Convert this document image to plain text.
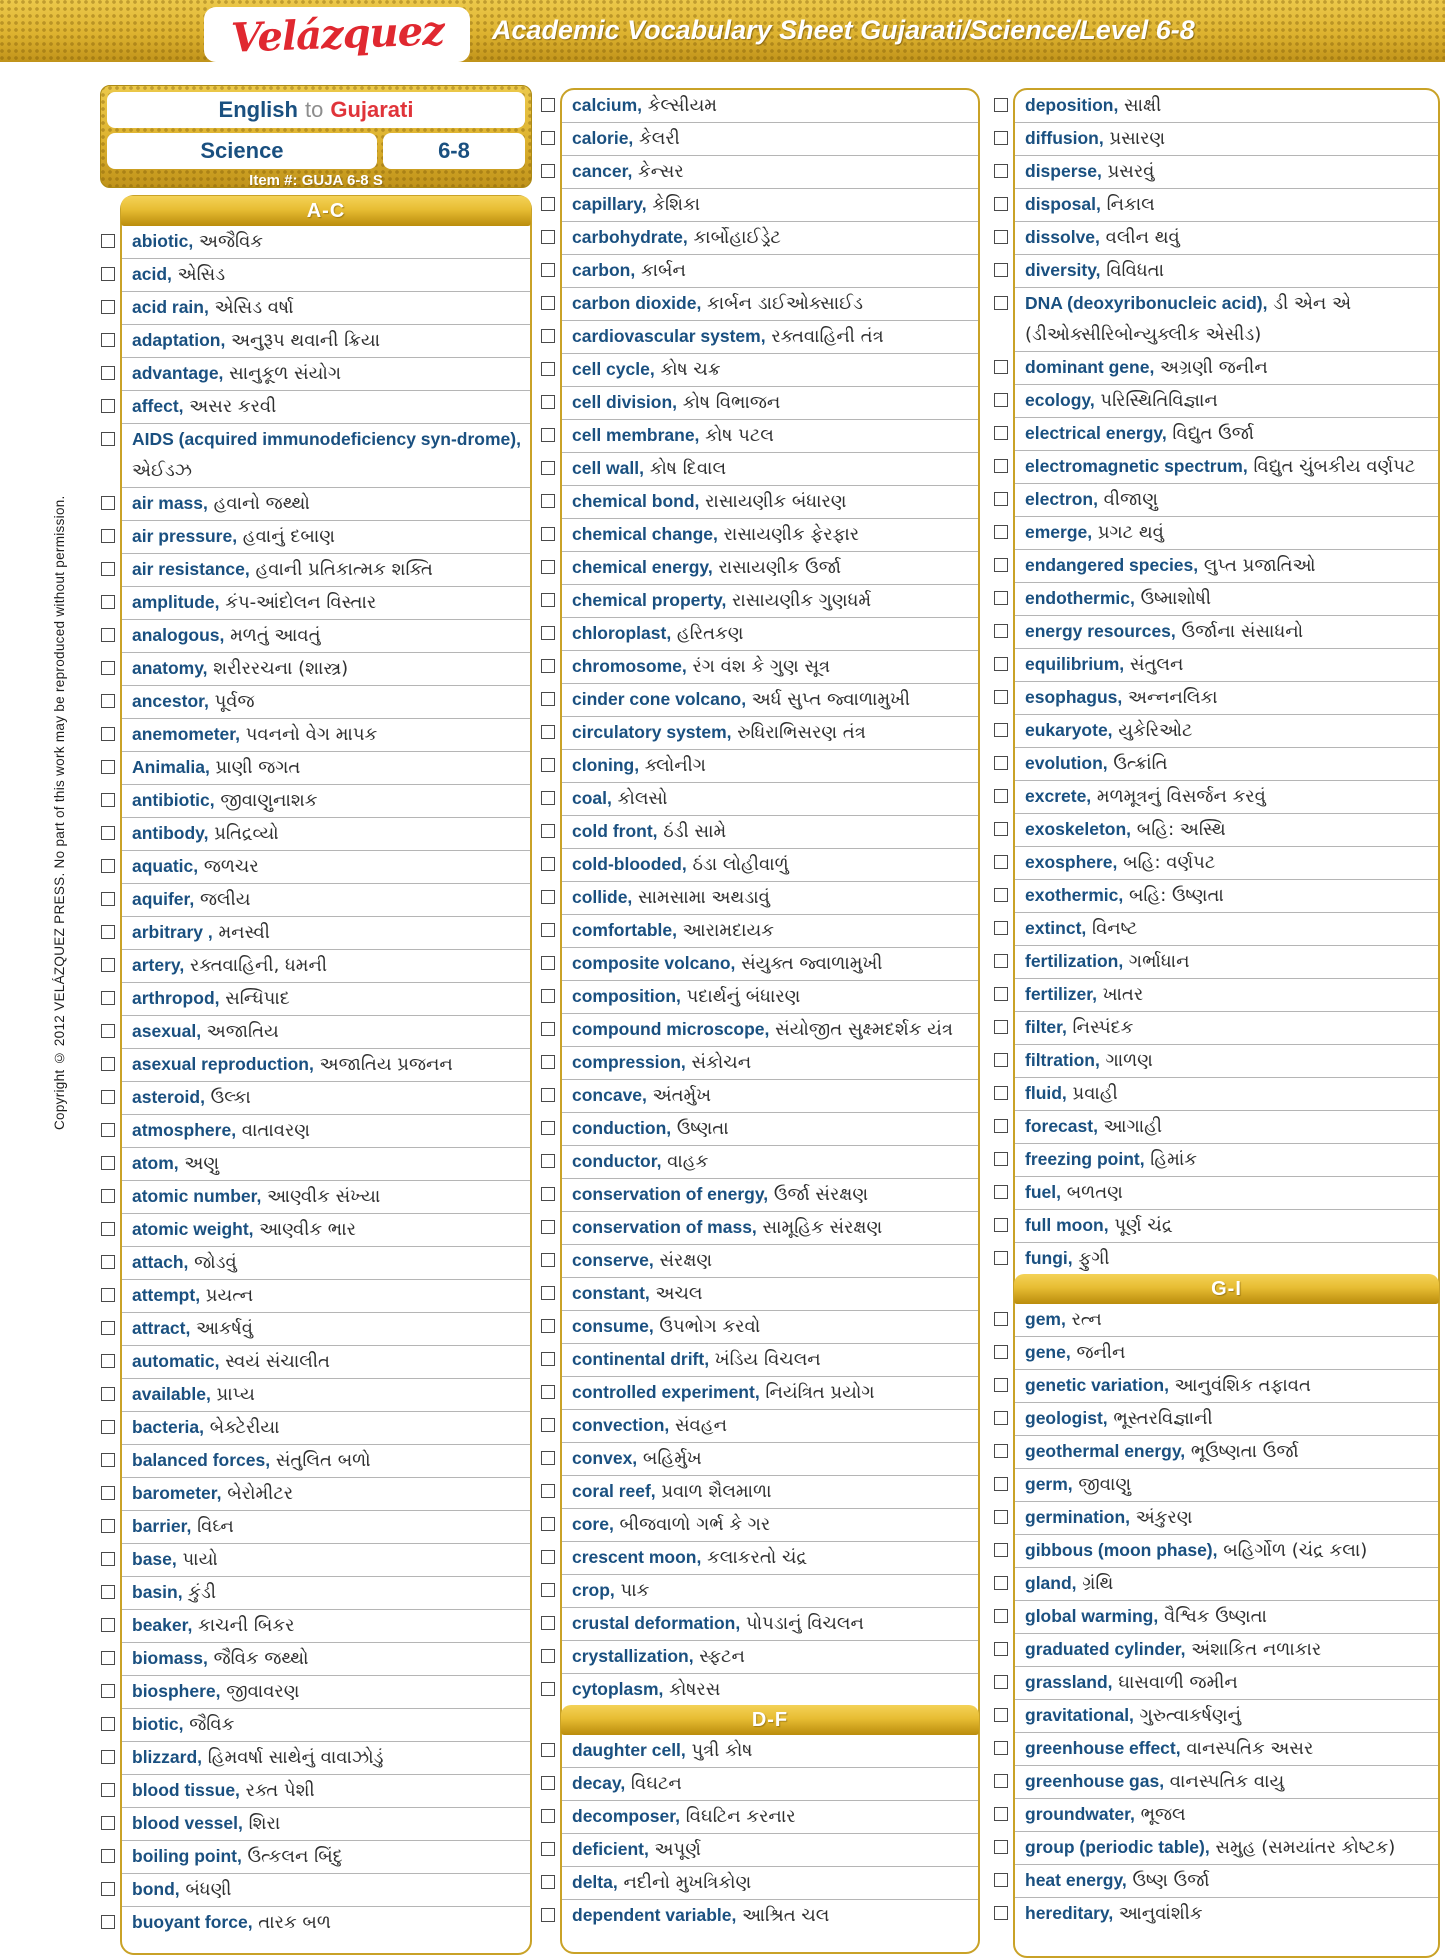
Velázquez Academic Vocabulary Sheet Gujarati/Science/Level 6-8
Copyright © 2012 VELÁZQUEZ PRESS. No part of this work may be reproduced without permission.
English to Gujarati
Science	6-8
Item #: GUJA 6-8 S
A-C
abiotic, અજૈવિક
acid, એસિડ
acid rain, એસિડ વર્ષા
adaptation, અનુરૂપ થવાની ક્રિયા
advantage, સાનુકૂળ સંયોગ
affect, અસર કરવી
AIDS (acquired immunodeficiency syn-drome), એઈડઝ
air mass, હવાનો જથ્થો
air pressure, હવાનું દબાણ
air resistance, હવાની પ્રતિકાત્મક શક્તિ
amplitude, કંપ-આંદોલન વિસ્તાર
analogous, મળતું આવતું
anatomy, શરીરરચના (શાસ્ત્ર)
ancestor, પૂર્વજ
anemometer, પવનનો વેગ માપક
Animalia, પ્રાણી જગત
antibiotic, જીવાણુનાશક
antibody, પ્રતિદ્રવ્યો
aquatic, જળચર
aquifer, જલીય
arbitrary , મનસ્વી
artery, રક્તવાહિની, ધમની
arthropod, સન્ધિપાદ
asexual, અજાતિય
asexual reproduction, અજાતિય પ્રજનન
asteroid, ઉલ્કા
atmosphere, વાતાવરણ
atom, અણુ
atomic number, આણ્વીક સંખ્યા
atomic weight, આણ્વીક ભાર
attach, જોડવું
attempt, પ્રયત્ન
attract, આકર્ષવું
automatic, સ્વયં સંચાલીત
available, પ્રાપ્ય
bacteria, બેક્ટેરીયા
balanced forces, સંતુલિત બળો
barometer, બેરોમીટર
barrier, વિઘ્ન
base, પાયો
basin, કુંડી
beaker, કાચની બિકર
biomass, જૈવિક જથ્થો
biosphere, જીવાવરણ
biotic, જૈવિક
blizzard, હિમવર્ષા સાથેનું વાવાઝોડું
blood tissue, રક્ત પેશી
blood vessel, શિરા
boiling point, ઉત્કલન બિંદુ
bond, બંધણી
buoyant force, તારક બળ
calcium, કેલ્સીયમ
calorie, કેલરી
cancer, કેન્સર
capillary, કેશિકા
carbohydrate, કાર્બોહાઈડ્રેટ
carbon, કાર્બન
carbon dioxide, કાર્બન ડાઈઓક્સાઈડ
cardiovascular system, રક્તવાહિની તંત્ર
cell cycle, કોષ ચક્ર
cell division, કોષ વિભાજન
cell membrane, કોષ પટલ
cell wall, કોષ દિવાલ
chemical bond, રાસાયણીક બંધારણ
chemical change, રાસાયણીક ફેરફાર
chemical energy, રાસાયણીક ઉર્જા
chemical property, રાસાયણીક ગુણધર્મ
chloroplast, હરિતકણ
chromosome, રંગ વંશ કે ગુણ સૂત્ર
cinder cone volcano, અર્ધ સુપ્ત જ્વાળામુખી
circulatory system, રુધિરાભિસરણ તંત્ર
cloning, ક્લોનીગ
coal, કોલસો
cold front, ઠંડી સામે
cold-blooded, ઠંડા લોહીવાળું
collide, સામસામા અથડાવું
comfortable, આરામદાયક
composite volcano, સંયુક્ત જ્વાળામુખી
composition, પદાર્થનું બંધારણ
compound microscope, સંયોજીત સુક્ષ્મદર્શક યંત્ર
compression, સંકોચન
concave, અંતર્મુખ
conduction, ઉષ્ણતા
conductor, વાહક
conservation of energy, ઉર્જા સંરક્ષણ
conservation of mass, સામૂહિક સંરક્ષણ
conserve, સંરક્ષણ
constant, અચલ
consume, ઉપભોગ કરવો
continental drift, ખંડિય વિચલન
controlled experiment, નિયંત્રિત પ્રયોગ
convection, સંવહન
convex, બહિર્મુખ
coral reef, પ્રવાળ શૈલમાળા
core, બીજવાળો ગર્ભ કે ગર
crescent moon, કલાકરતો ચંદ્ર
crop, પાક
crustal deformation, પોપડાનું વિચલન
crystallization, સ્ફટન
cytoplasm, કોષરસ
D-F
daughter cell, પુત્રી કોષ
decay, વિઘટન
decomposer, વિઘટિન કરનાર
deficient, અપૂર્ણ
delta, નદીનો મુખત્રિકોણ
dependent variable, આશ્રિત ચલ
deposition, સાક્ષી
diffusion, પ્રસારણ
disperse, પ્રસરવું
disposal, નિકાલ
dissolve, વલીન થવું
diversity, વિવિધતા
DNA (deoxyribonucleic acid), ડી એન એ (ડીઓક્સીરિબોન્યુક્લીક એસીડ)
dominant gene, અગ્રણી જનીન
ecology, પરિસ્થિતિવિજ્ઞાન
electrical energy, વિદ્યુત ઉર્જા
electromagnetic spectrum, વિદ્યુત ચુંબકીય વર્ણપટ
electron, વીજાણુ
emerge, પ્રગટ થવું
endangered species, લુપ્ત પ્રજાતિઓ
endothermic, ઉષ્માશોષી
energy resources, ઉર્જાના સંસાધનો
equilibrium, સંતુલન
esophagus, અન્નનલિકા
eukaryote, યુકેરિઓટ
evolution, ઉત્ક્રાંતિ
excrete, મળમૂત્રનું વિસર્જન કરવું
exoskeleton, બહિ: અસ્થિ
exosphere, બહિ: વર્ણપટ
exothermic, બહિ: ઉષ્ણતા
extinct, વિનષ્ટ
fertilization, ગર્ભાધાન
fertilizer, ખાતર
filter, નિસ્પંદક
filtration, ગાળણ
fluid, પ્રવાહી
forecast, આગાહી
freezing point, હિમાંક
fuel, બળતણ
full moon, પૂર્ણ ચંદ્ર
fungi, ફુગી
G-I
gem, રત્ન
gene, જનીન
genetic variation, આનુવંશિક તફાવત
geologist, ભૂસ્તરવિજ્ઞાની
geothermal energy, ભૂઉષ્ણતા ઉર્જા
germ, જીવાણુ
germination, અંકુરણ
gibbous (moon phase), બહિર્ગોળ (ચંદ્ર કલા)
gland, ગ્રંથિ
global warming, વૈશ્વિક ઉષ્ણતા
graduated cylinder, અંશાકિત નળાકાર
grassland, ઘાસવાળી જમીન
gravitational, ગુરુત્વાકર્ષણનું
greenhouse effect, વાનસ્પતિક અસર
greenhouse gas, વાનસ્પતિક વાયુ
groundwater, ભૂજલ
group (periodic table), સમુહ (સમયાંતર કોષ્ટક)
heat energy, ઉષ્ણ ઉર્જા
hereditary, આનુવાંશીક
